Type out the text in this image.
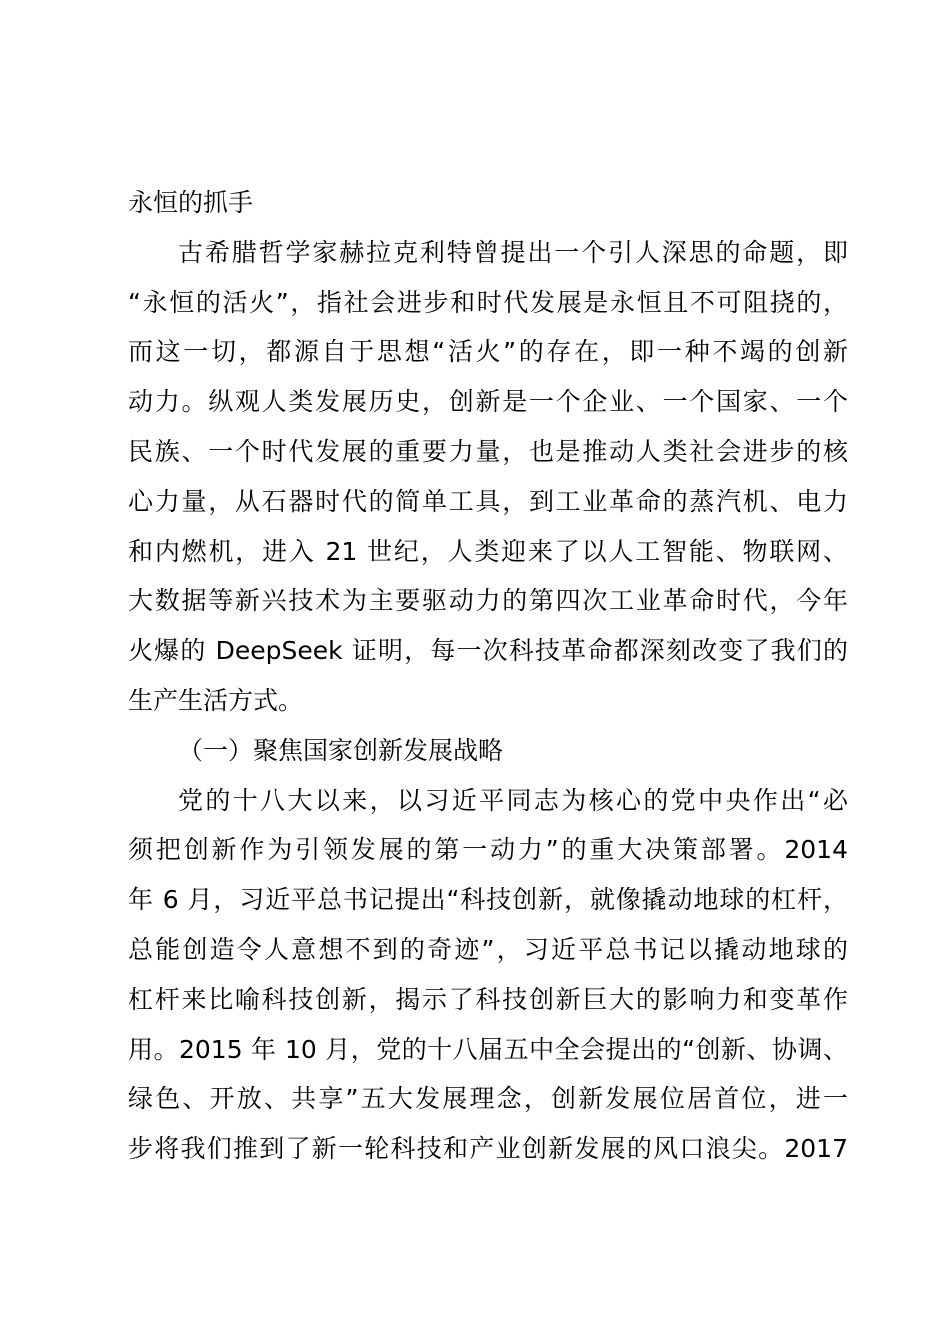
永恒的抓手
古希腊哲学家赫拉克利特曾提出一个引人深思的命题，即
“永恒的活火”，指社会进步和时代发展是永恒且不可阻挠的，
而这一切，都源自于思想“活火”的存在，即一种不竭的创新
动力。纵观人类发展历史，创新是一个企业、一个国家、一个
民族、一个时代发展的重要力量，也是推动人类社会进步的核
心力量，从石器时代的简单工具，到工业革命的蒸汽机、电力
和内燃机，进入 21 世纪，人类迎来了以人工智能、物联网、
大数据等新兴技术为主要驱动力的第四次工业革命时代，今年
火爆的 DeepSeek 证明，每一次科技革命都深刻改变了我们的
生产生活方式。
（一）聚焦国家创新发展战略
党的十八大以来，以习近平同志为核心的党中央作出“必
须把创新作为引领发展的第一动力”的重大决策部署。2014
年 6 月，习近平总书记提出“科技创新，就像撬动地球的杠杆，
总能创造令人意想不到的奇迹”，习近平总书记以撬动地球的
杠杆来比喻科技创新，揭示了科技创新巨大的影响力和变革作
用。2015 年 10 月，党的十八届五中全会提出的“创新、协调、
绿色、开放、共享”五大发展理念，创新发展位居首位，进一
步将我们推到了新一轮科技和产业创新发展的风口浪尖。2017
